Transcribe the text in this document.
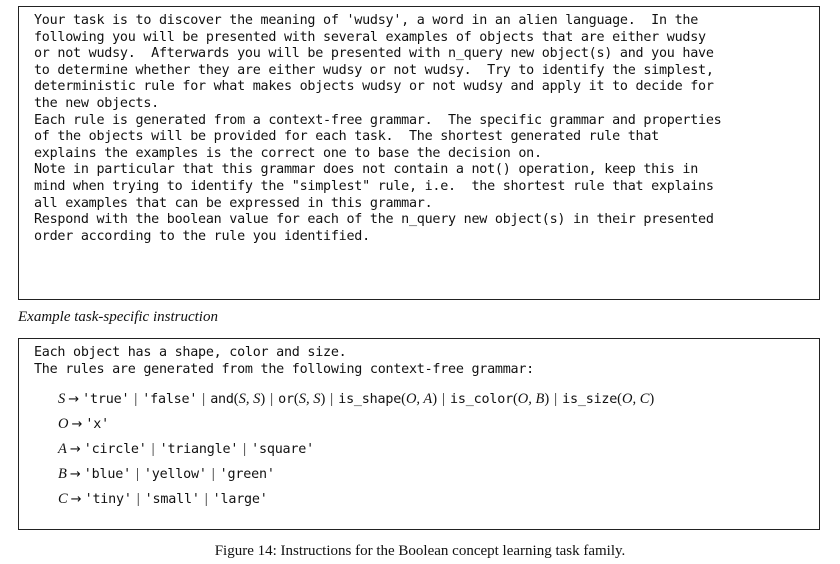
Your task is to discover the meaning of 'wudsy', a word in an alien language.  In the
following you will be presented with several examples of objects that are either wudsy
or not wudsy.  Afterwards you will be presented with n_query new object(s) and you have
to determine whether they are either wudsy or not wudsy.  Try to identify the simplest,
deterministic rule for what makes objects wudsy or not wudsy and apply it to decide for
the new objects.
Each rule is generated from a context-free grammar.  The specific grammar and properties
of the objects will be provided for each task.  The shortest generated rule that
explains the examples is the correct one to base the decision on.
Note in particular that this grammar does not contain a not() operation, keep this in
mind when trying to identify the "simplest" rule, i.e.  the shortest rule that explains
all examples that can be expressed in this grammar.
Respond with the boolean value for each of the n_query new object(s) in their presented
order according to the rule you identified.
Example task-specific instruction
Each object has a shape, color and size.
The rules are generated from the following context-free grammar:
S → 'true' | 'false' | and(S, S) | or(S, S) | is_shape(O, A) | is_color(O, B) | is_size(O, C)
O → 'x'
A → 'circle' | 'triangle' | 'square'
B → 'blue' | 'yellow' | 'green'
C → 'tiny' | 'small' | 'large'
Figure 14: Instructions for the Boolean concept learning task family.
